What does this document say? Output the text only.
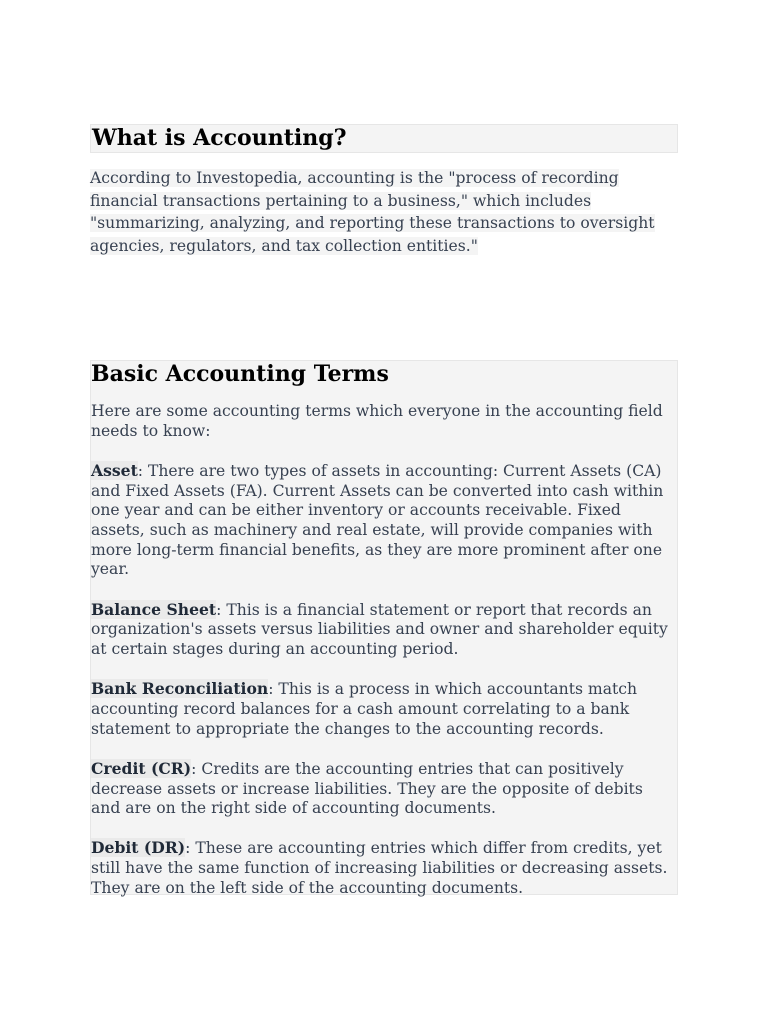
What is Accounting?

According to Investopedia, accounting is the "process of recording financial transactions pertaining to a business," which includes "summarizing, analyzing, and reporting these transactions to oversight agencies, regulators, and tax collection entities."

Basic Accounting Terms

Here are some accounting terms which everyone in the accounting field needs to know:

Asset: There are two types of assets in accounting: Current Assets (CA) and Fixed Assets (FA). Current Assets can be converted into cash within one year and can be either inventory or accounts receivable. Fixed assets, such as machinery and real estate, will provide companies with more long-term financial benefits, as they are more prominent after one year.

Balance Sheet: This is a financial statement or report that records an organization's assets versus liabilities and owner and shareholder equity at certain stages during an accounting period.

Bank Reconciliation: This is a process in which accountants match accounting record balances for a cash amount correlating to a bank statement to appropriate the changes to the accounting records.

Credit (CR): Credits are the accounting entries that can positively decrease assets or increase liabilities. They are the opposite of debits and are on the right side of accounting documents.

Debit (DR): These are accounting entries which differ from credits, yet still have the same function of increasing liabilities or decreasing assets. They are on the left side of the accounting documents.
